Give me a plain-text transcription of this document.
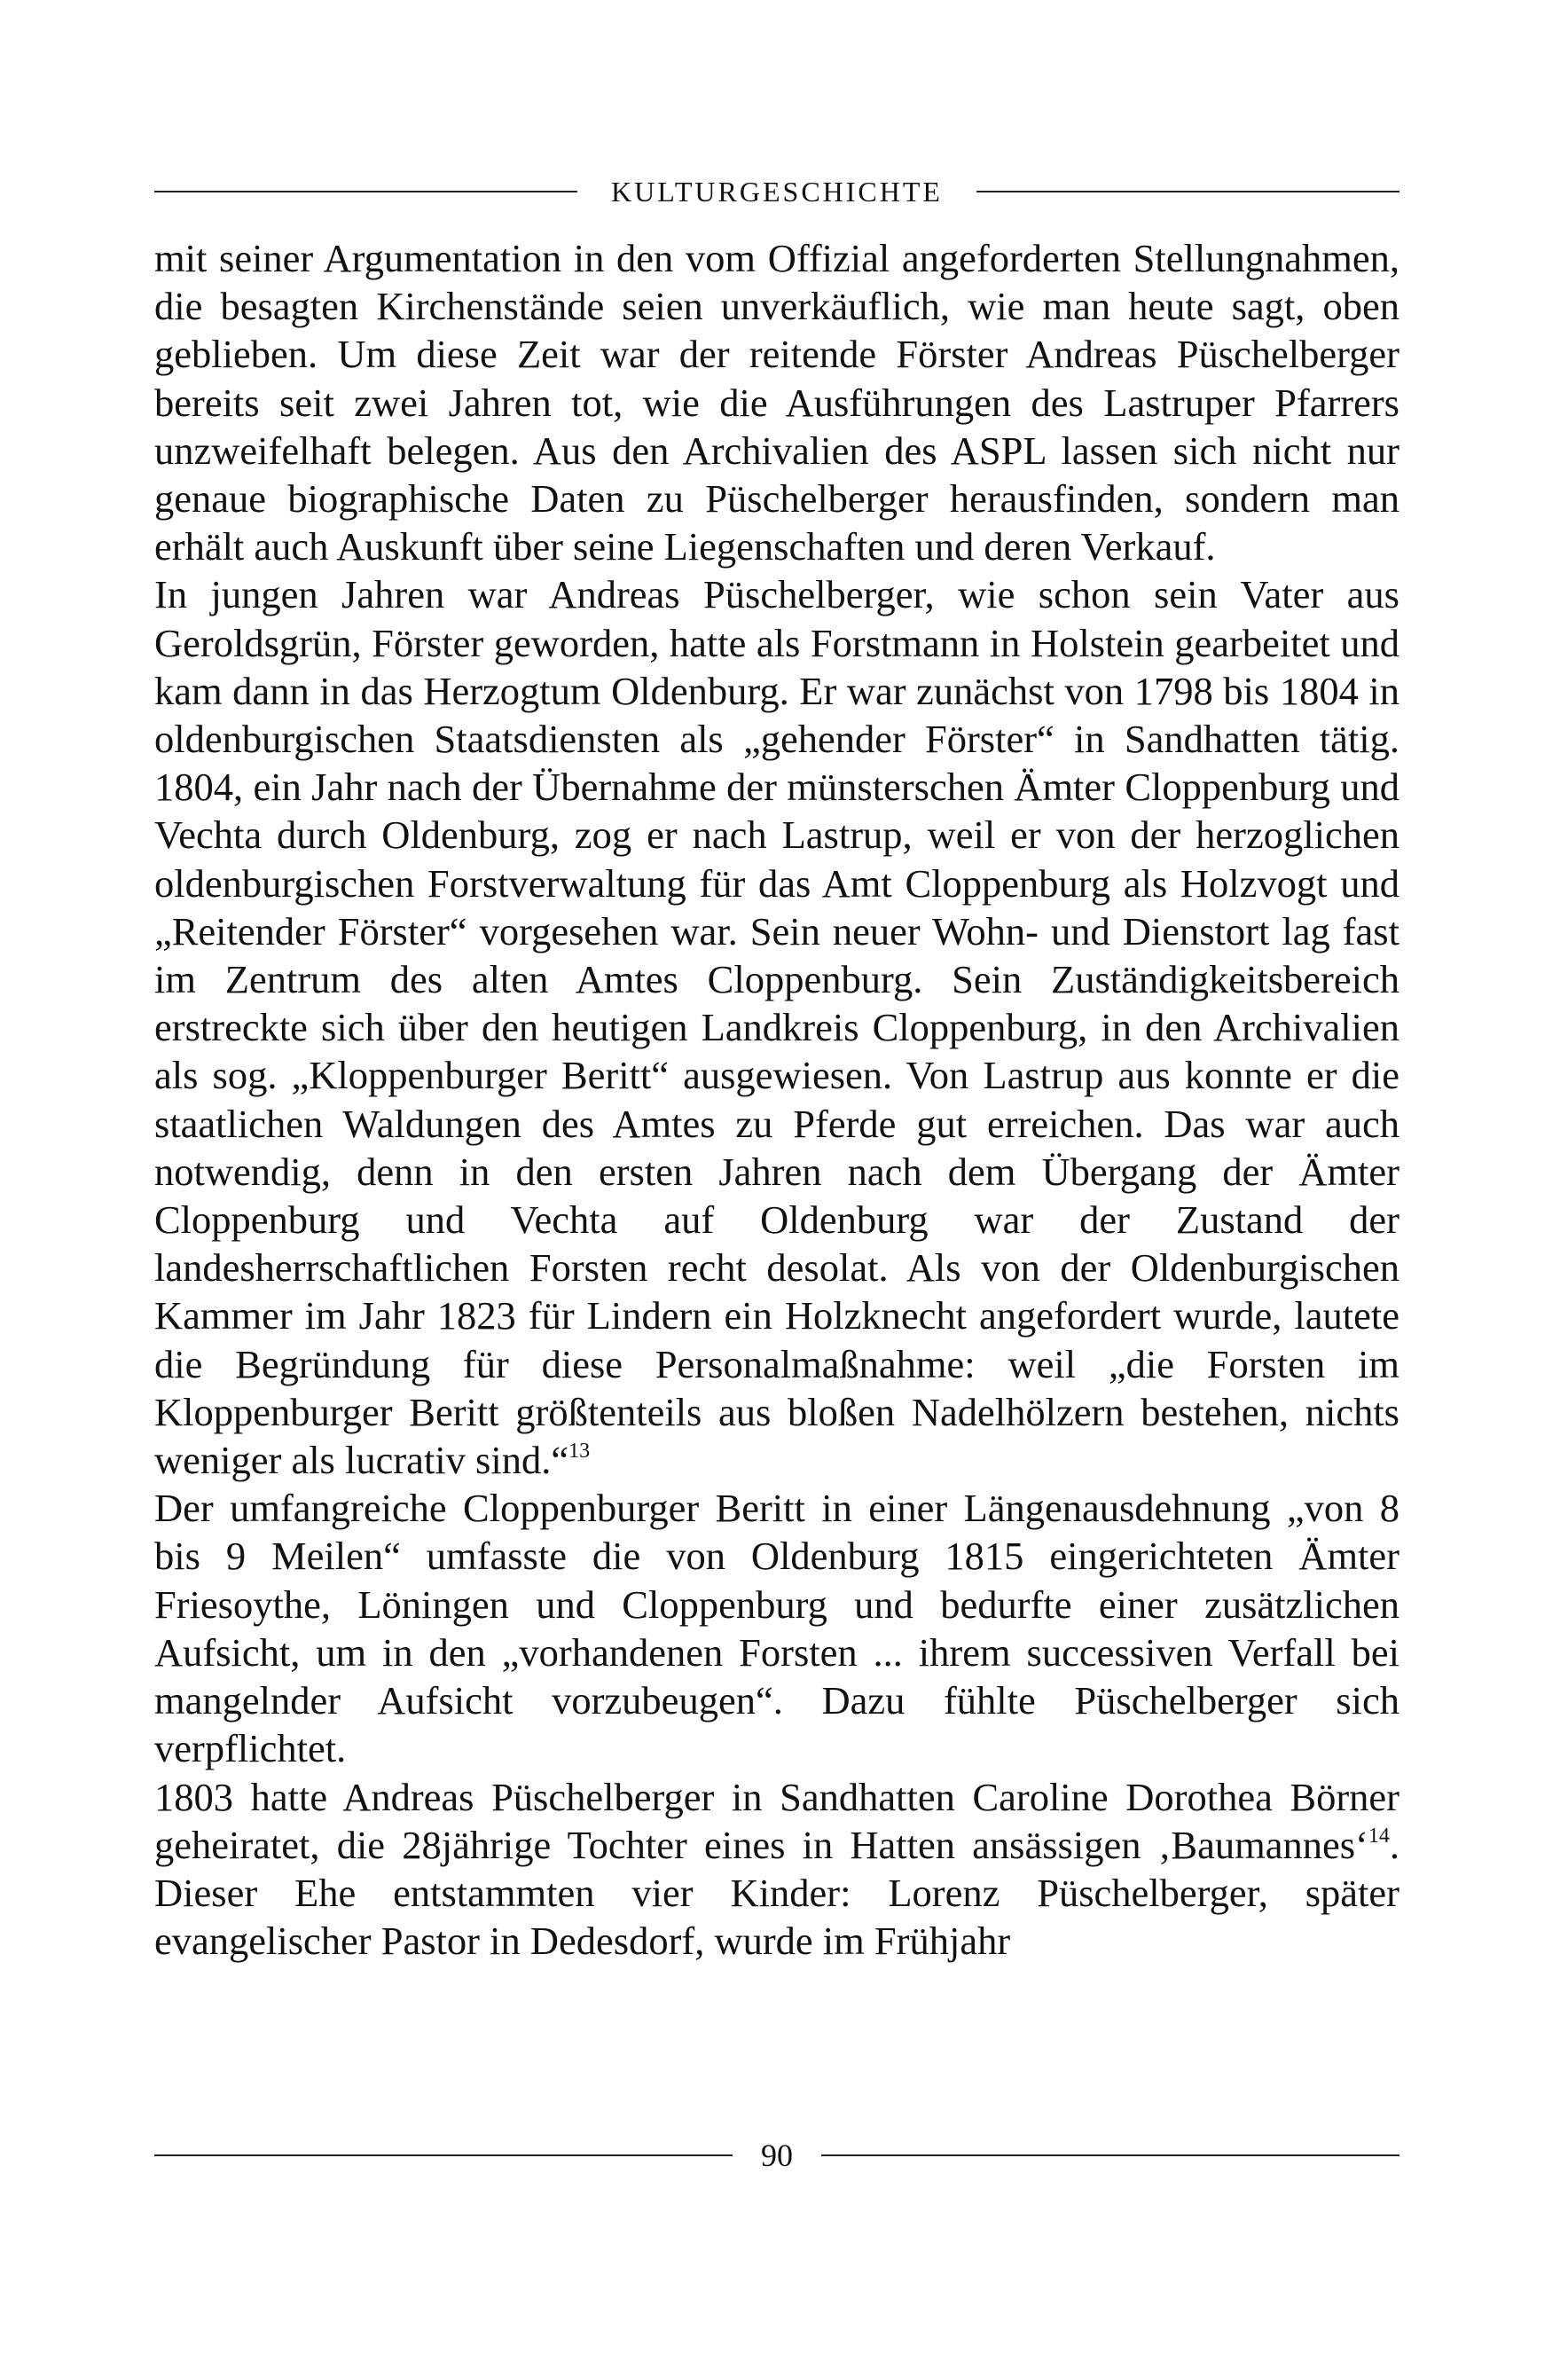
KULTURGESCHICHTE

mit seiner Argumentation in den vom Offizial angeforderten Stellungnahmen, die besagten Kirchenstände seien unverkäuflich, wie man heute sagt, oben geblieben. Um diese Zeit war der reitende Förster Andreas Püschelberger bereits seit zwei Jahren tot, wie die Ausführungen des Lastruper Pfarrers unzweifelhaft belegen. Aus den Archivalien des ASPL lassen sich nicht nur genaue biographische Daten zu Püschelberger herausfinden, sondern man erhält auch Auskunft über seine Liegenschaften und deren Verkauf.

In jungen Jahren war Andreas Püschelberger, wie schon sein Vater aus Geroldsgrün, Förster geworden, hatte als Forstmann in Holstein gearbeitet und kam dann in das Herzogtum Oldenburg. Er war zunächst von 1798 bis 1804 in oldenburgischen Staatsdiensten als „gehender Förster“ in Sandhatten tätig. 1804, ein Jahr nach der Übernahme der münsterschen Ämter Cloppenburg und Vechta durch Oldenburg, zog er nach Lastrup, weil er von der herzoglichen oldenburgischen Forstverwaltung für das Amt Cloppenburg als Holzvogt und „Reitender Förster“ vorgesehen war. Sein neuer Wohn- und Dienstort lag fast im Zentrum des alten Amtes Cloppenburg. Sein Zuständigkeitsbereich erstreckte sich über den heutigen Landkreis Cloppenburg, in den Archivalien als sog. „Kloppenburger Beritt“ ausgewiesen. Von Lastrup aus konnte er die staatlichen Waldungen des Amtes zu Pferde gut erreichen. Das war auch notwendig, denn in den ersten Jahren nach dem Übergang der Ämter Cloppenburg und Vechta auf Oldenburg war der Zustand der landesherrschaftlichen Forsten recht desolat. Als von der Oldenburgischen Kammer im Jahr 1823 für Lindern ein Holzknecht angefordert wurde, lautete die Begründung für diese Personalmaßnahme: weil „die Forsten im Kloppenburger Beritt größtenteils aus bloßen Nadelhölzern bestehen, nichts weniger als lucrativ sind.“$^{13}$

Der umfangreiche Cloppenburger Beritt in einer Längenausdehnung „von 8 bis 9 Meilen“ umfasste die von Oldenburg 1815 eingerichteten Ämter Friesoythe, Löningen und Cloppenburg und bedurfte einer zusätzlichen Aufsicht, um in den „vorhandenen Forsten ... ihrem successiven Verfall bei mangelnder Aufsicht vorzubeugen“. Dazu fühlte Püschelberger sich verpflichtet.

1803 hatte Andreas Püschelberger in Sandhatten Caroline Dorothea Börner geheiratet, die 28jährige Tochter eines in Hatten ansässigen ‚Baumannes‘$^{14}$. Dieser Ehe entstammten vier Kinder: Lorenz Püschelberger, später evangelischer Pastor in Dedesdorf, wurde im Frühjahr

90
